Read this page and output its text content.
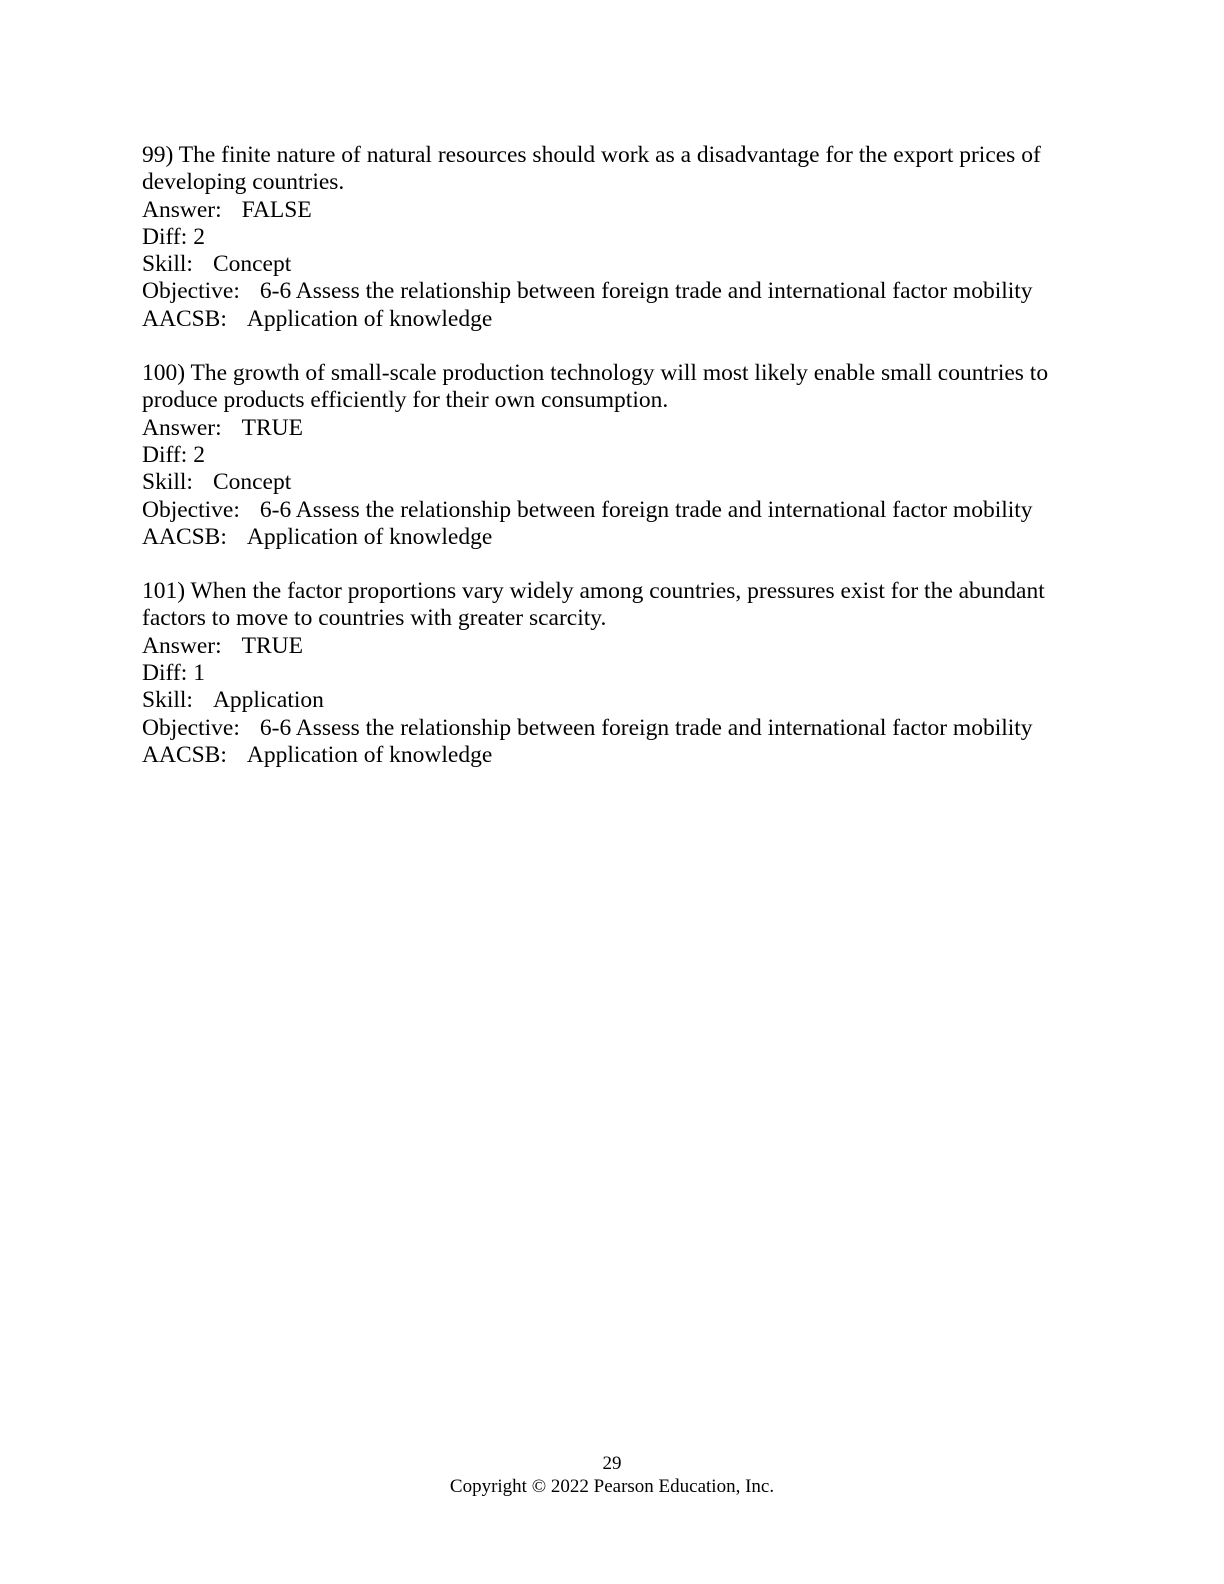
99) The finite nature of natural resources should work as a disadvantage for the export prices of developing countries.

Answer: FALSE

Diff: 2

Skill: Concept

Objective: 6-6 Assess the relationship between foreign trade and international factor mobility

AACSB: Application of knowledge

100) The growth of small-scale production technology will most likely enable small countries to produce products efficiently for their own consumption.

Answer: TRUE

Diff: 2

Skill: Concept

Objective: 6-6 Assess the relationship between foreign trade and international factor mobility

AACSB: Application of knowledge

101) When the factor proportions vary widely among countries, pressures exist for the abundant factors to move to countries with greater scarcity.

Answer: TRUE

Diff: 1

Skill: Application

Objective: 6-6 Assess the relationship between foreign trade and international factor mobility

AACSB: Application of knowledge

29
Copyright © 2022 Pearson Education, Inc.
